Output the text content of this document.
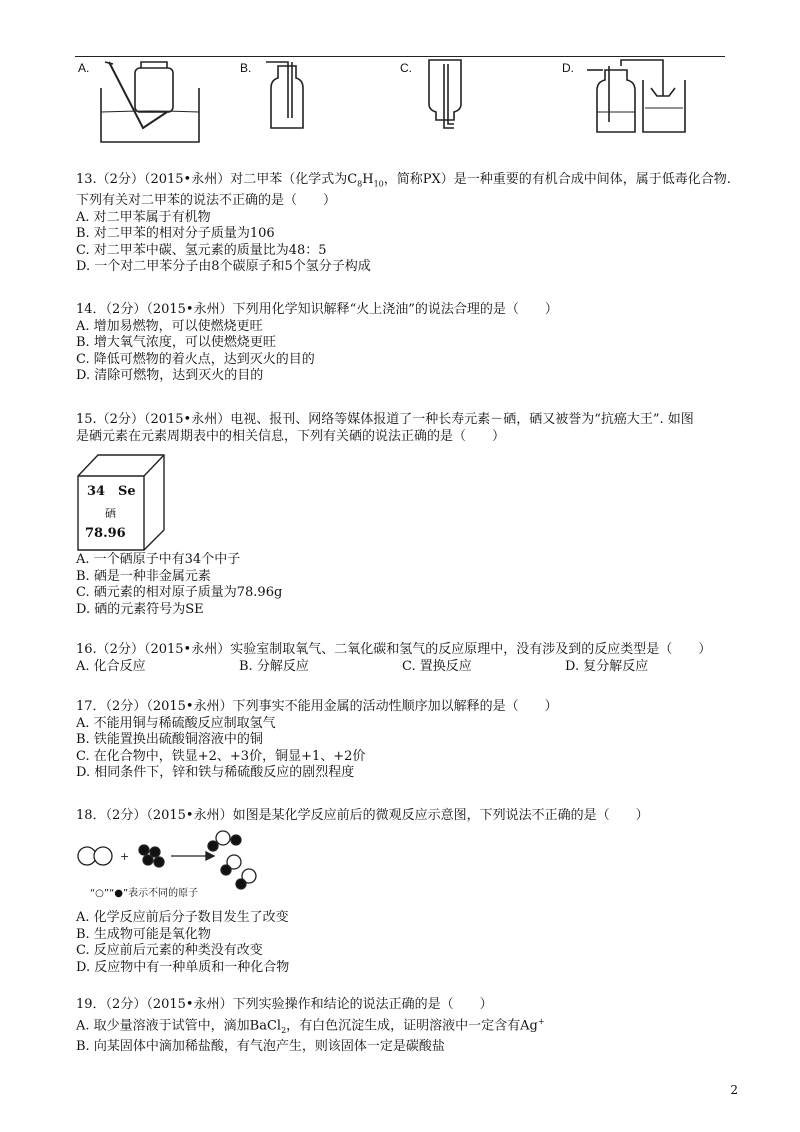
A.	B.	C.	D.
13.（2分）（2015•永州）对二甲苯（化学式为$C_8H_{10}$，简称PX）是一种重要的有机合成中间体，属于低毒化合物.
下列有关对二甲苯的说法不正确的是（　　）
A. 对二甲苯属于有机物
B. 对二甲苯的相对分子质量为106
C. 对二甲苯中碳、氢元素的质量比为48：5
D. 一个对二甲苯分子由8个碳原子和5个氢分子构成
14．（2分）（2015•永州）下列用化学知识解释“火上浇油”的说法合理的是（　　）
A. 增加易燃物，可以使燃烧更旺
B. 增大氧气浓度，可以使燃烧更旺
C. 降低可燃物的着火点，达到灭火的目的
D. 清除可燃物，达到灭火的目的
15.（2分）（2015•永州）电视、报刊、网络等媒体报道了一种长寿元素－硒，硒又被誉为“抗癌大王”. 如图
是硒元素在元素周期表中的相关信息，下列有关硒的说法正确的是（　　）
34 Se
硒
78.96
A. 一个硒原子中有34个中子
B. 硒是一种非金属元素
C. 硒元素的相对原子质量为78.96g
D. 硒的元素符号为SE
16.（2分）（2015•永州）实验室制取氧气、二氧化碳和氢气的反应原理中，没有涉及到的反应类型是（　　）
A. 化合反应	B. 分解反应	C. 置换反应	D. 复分解反应
17．（2分）（2015•永州）下列事实不能用金属的活动性顺序加以解释的是（　　）
A. 不能用铜与稀硫酸反应制取氢气
B. 铁能置换出硫酸铜溶液中的铜
C. 在化合物中，铁显+2、+3价，铜显+1、+2价
D. 相同条件下，锌和铁与稀硫酸反应的剧烈程度
18．（2分）（2015•永州）如图是某化学反应前后的微观反应示意图，下列说法不正确的是（　　）
+
“○”“●”表示不同的原子
A. 化学反应前后分子数目发生了改变
B. 生成物可能是氧化物
C. 反应前后元素的种类没有改变
D. 反应物中有一种单质和一种化合物
19．（2分）（2015•永州）下列实验操作和结论的说法正确的是（　　）
A. 取少量溶液于试管中，滴加BaCl$_2$，有白色沉淀生成，证明溶液中一定含有Ag+
B. 向某固体中滴加稀盐酸，有气泡产生，则该固体一定是碳酸盐
2
